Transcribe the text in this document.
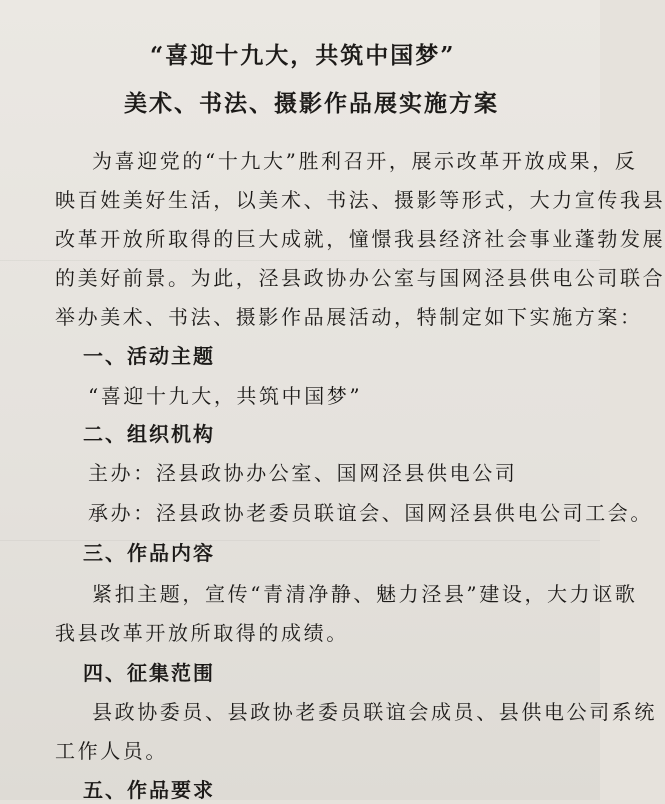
“喜迎十九大，共筑中国梦”
美术、书法、摄影作品展实施方案
为喜迎党的“十九大”胜利召开，展示改革开放成果，反
映百姓美好生活，以美术、书法、摄影等形式，大力宣传我县
改革开放所取得的巨大成就，憧憬我县经济社会事业蓬勃发展
的美好前景。为此，泾县政协办公室与国网泾县供电公司联合
举办美术、书法、摄影作品展活动，特制定如下实施方案：
一、活动主题
“喜迎十九大，共筑中国梦”
二、组织机构
主办：泾县政协办公室、国网泾县供电公司
承办：泾县政协老委员联谊会、国网泾县供电公司工会。
三、作品内容
紧扣主题，宣传“青清净静、魅力泾县”建设，大力讴歌
我县改革开放所取得的成绩。
四、征集范围
县政协委员、县政协老委员联谊会成员、县供电公司系统
工作人员。
五、作品要求
